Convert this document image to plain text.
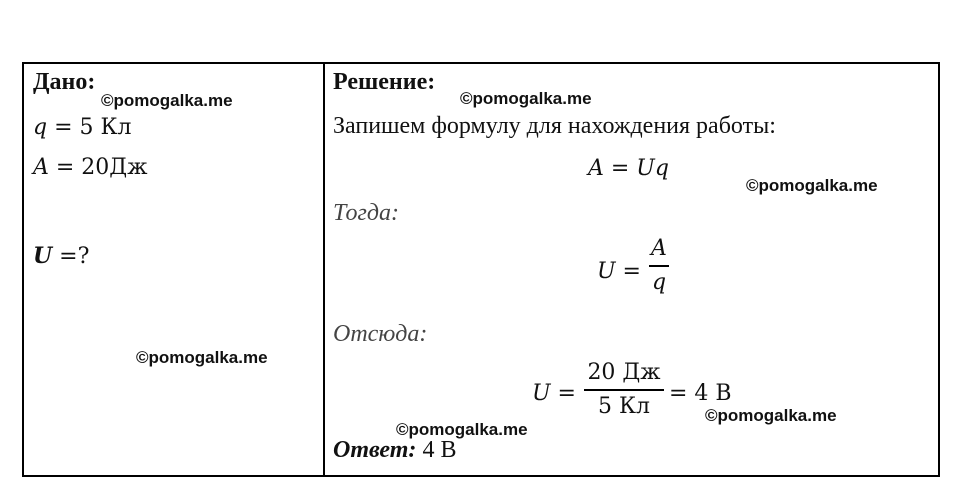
Дано:
q = 5 Кл
A = 20Дж
U =?
Решение:
Запишем формулу для нахождения работы:
A = Uq
Тогда:
U =
A
q
Отсюда:
U =
20 Дж
5 Кл
= 4 В
Ответ: 4 В
©pomogalka.me	©pomogalka.me
©pomogalka.me
©pomogalka.me
©pomogalka.me
©pomogalka.me
